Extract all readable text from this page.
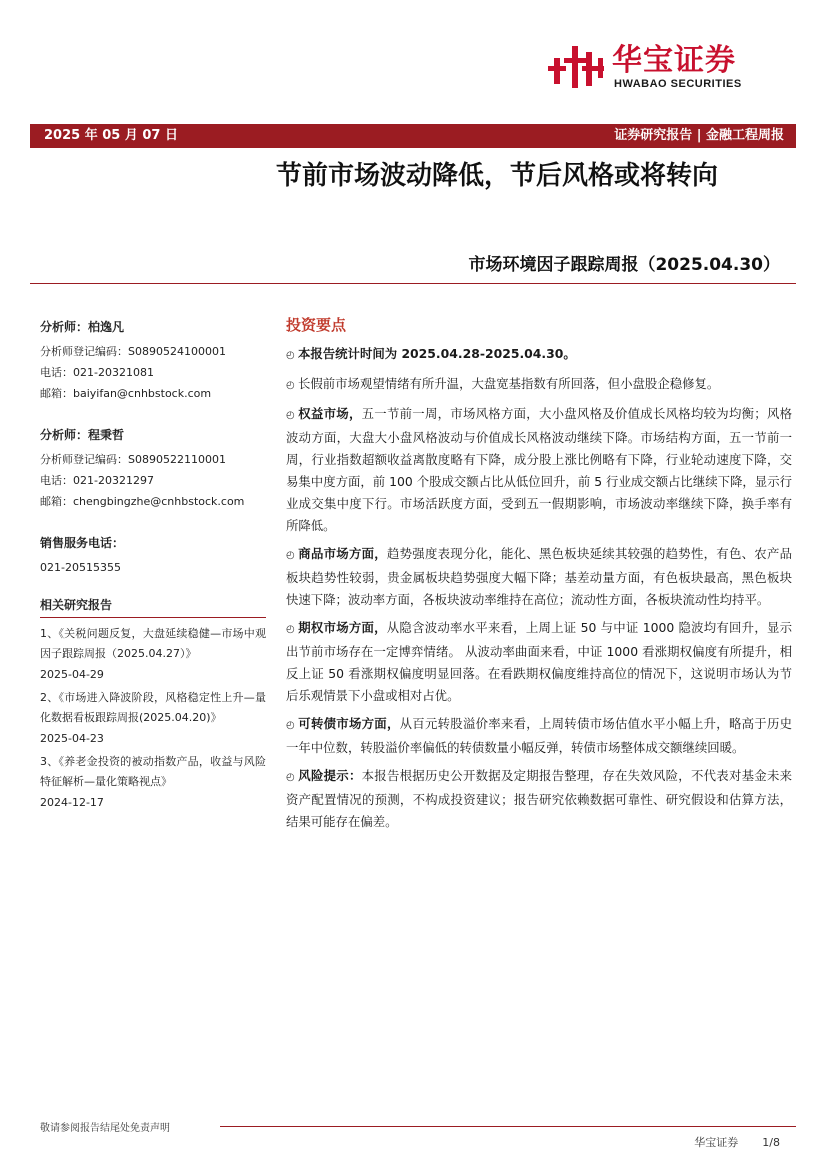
华宝证券
HWABAO SECURITIES
2025 年 05 月 07 日	证券研究报告 | 金融工程周报
节前市场波动降低，节后风格或将转向
市场环境因子跟踪周报（2025.04.30）
分析师：柏逸凡
分析师登记编码：S0890524100001
电话：021-20321081
邮箱：baiyifan@cnhbstock.com
分析师：程秉哲
分析师登记编码：S0890522110001
电话：021-20321297
邮箱：chengbingzhe@cnhbstock.com
销售服务电话：
021-20515355
相关研究报告
1、《关税问题反复，大盘延续稳健—市场中观因子跟踪周报（2025.04.27）》
2025-04-29
2、《市场进入降波阶段，风格稳定性上升—量化数据看板跟踪周报(2025.04.20)》
2025-04-23
3、《养老金投资的被动指数产品，收益与风险特征解析—量化策略视点》
2024-12-17
投资要点
◴ 本报告统计时间为 2025.04.28-2025.04.30。
◴ 长假前市场观望情绪有所升温，大盘宽基指数有所回落，但小盘股企稳修复。
◴ 权益市场，五一节前一周，市场风格方面，大小盘风格及价值成长风格均较为均衡；风格波动方面，大盘大小盘风格波动与价值成长风格波动继续下降。市场结构方面，五一节前一周，行业指数超额收益离散度略有下降，成分股上涨比例略有下降，行业轮动速度下降，交易集中度方面，前 100 个股成交额占比从低位回升，前 5 行业成交额占比继续下降，显示行业成交集中度下行。市场活跃度方面，受到五一假期影响，市场波动率继续下降，换手率有所降低。
◴ 商品市场方面，趋势强度表现分化，能化、黑色板块延续其较强的趋势性，有色、农产品板块趋势性较弱，贵金属板块趋势强度大幅下降；基差动量方面，有色板块最高，黑色板块快速下降；波动率方面，各板块波动率维持在高位；流动性方面，各板块流动性均持平。
◴ 期权市场方面，从隐含波动率水平来看，上周上证 50 与中证 1000 隐波均有回升，显示出节前市场存在一定博弈情绪。 从波动率曲面来看，中证 1000 看涨期权偏度有所提升，相反上证 50 看涨期权偏度明显回落。在看跌期权偏度维持高位的情况下，这说明市场认为节后乐观情景下小盘或相对占优。
◴ 可转债市场方面，从百元转股溢价率来看，上周转债市场估值水平小幅上升，略高于历史一年中位数，转股溢价率偏低的转债数量小幅反弹，转债市场整体成交额继续回暖。
◴ 风险提示：本报告根据历史公开数据及定期报告整理，存在失效风险，不代表对基金未来资产配置情况的预测，不构成投资建议；报告研究依赖数据可靠性、研究假设和估算方法，结果可能存在偏差。
敬请参阅报告结尾处免责声明
华宝证券 1/8
